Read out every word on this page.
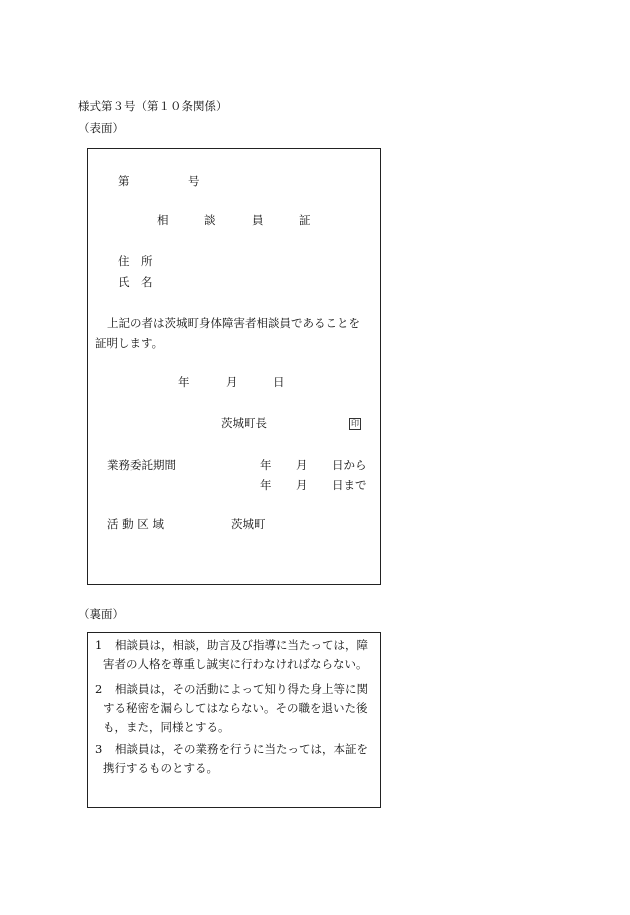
様式第３号（第１０条関係）
（表面）
第	号
相	談	員	証
住　所
氏　名
上記の者は茨城町身体障害者相談員であることを
証明します。
年	月	日
茨城町長	印
業務委託期間	年 月 日から
年 月 日まで
活 動 区 域	茨城町
（裏面）
1 相談員は，相談，助言及び指導に当たっては，障
害者の人格を尊重し誠実に行わなければならない。
2 相談員は，その活動によって知り得た身上等に関
する秘密を漏らしてはならない。その職を退いた後
も，また，同様とする。
3 相談員は，その業務を行うに当たっては，本証を
携行するものとする。
